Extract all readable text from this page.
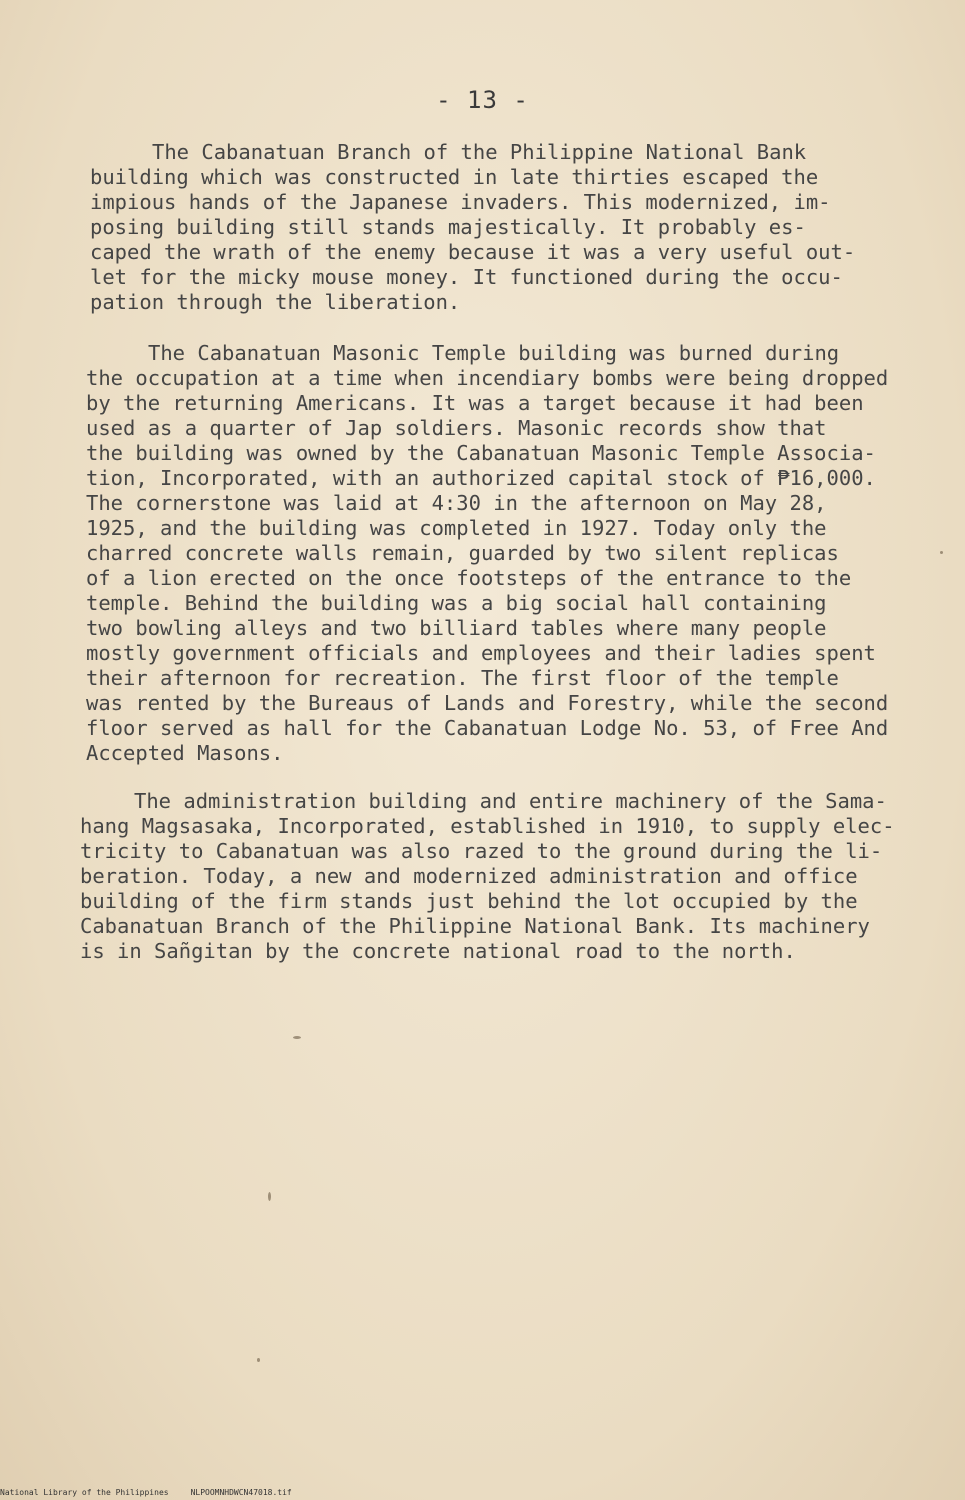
- 13 -
The Cabanatuan Branch of the Philippine National Bank
building which was constructed in late thirties escaped the
impious hands of the Japanese invaders. This modernized, im-
posing building still stands majestically. It probably es-
caped the wrath of the enemy because it was a very useful out-
let for the micky mouse money. It functioned during the occu-
pation through the liberation.
The Cabanatuan Masonic Temple building was burned during
the occupation at a time when incendiary bombs were being dropped
by the returning Americans. It was a target because it had been
used as a quarter of Jap soldiers. Masonic records show that
the building was owned by the Cabanatuan Masonic Temple Associa-
tion, Incorporated, with an authorized capital stock of ₱16,000.
The cornerstone was laid at 4:30 in the afternoon on May 28,
1925, and the building was completed in 1927. Today only the
charred concrete walls remain, guarded by two silent replicas
of a lion erected on the once footsteps of the entrance to the
temple. Behind the building was a big social hall containing
two bowling alleys and two billiard tables where many people
mostly government officials and employees and their ladies spent
their afternoon for recreation. The first floor of the temple
was rented by the Bureaus of Lands and Forestry, while the second
floor served as hall for the Cabanatuan Lodge No. 53, of Free And
Accepted Masons.
The administration building and entire machinery of the Sama-
hang Magsasaka, Incorporated, established in 1910, to supply elec-
tricity to Cabanatuan was also razed to the ground during the li-
beration. Today, a new and modernized administration and office
building of the firm stands just behind the lot occupied by the
Cabanatuan Branch of the Philippine National Bank. Its machinery
is in Sañgitan by the concrete national road to the north.
National Library of the Philippines	NLPOOMNHDWCN47018.tif
